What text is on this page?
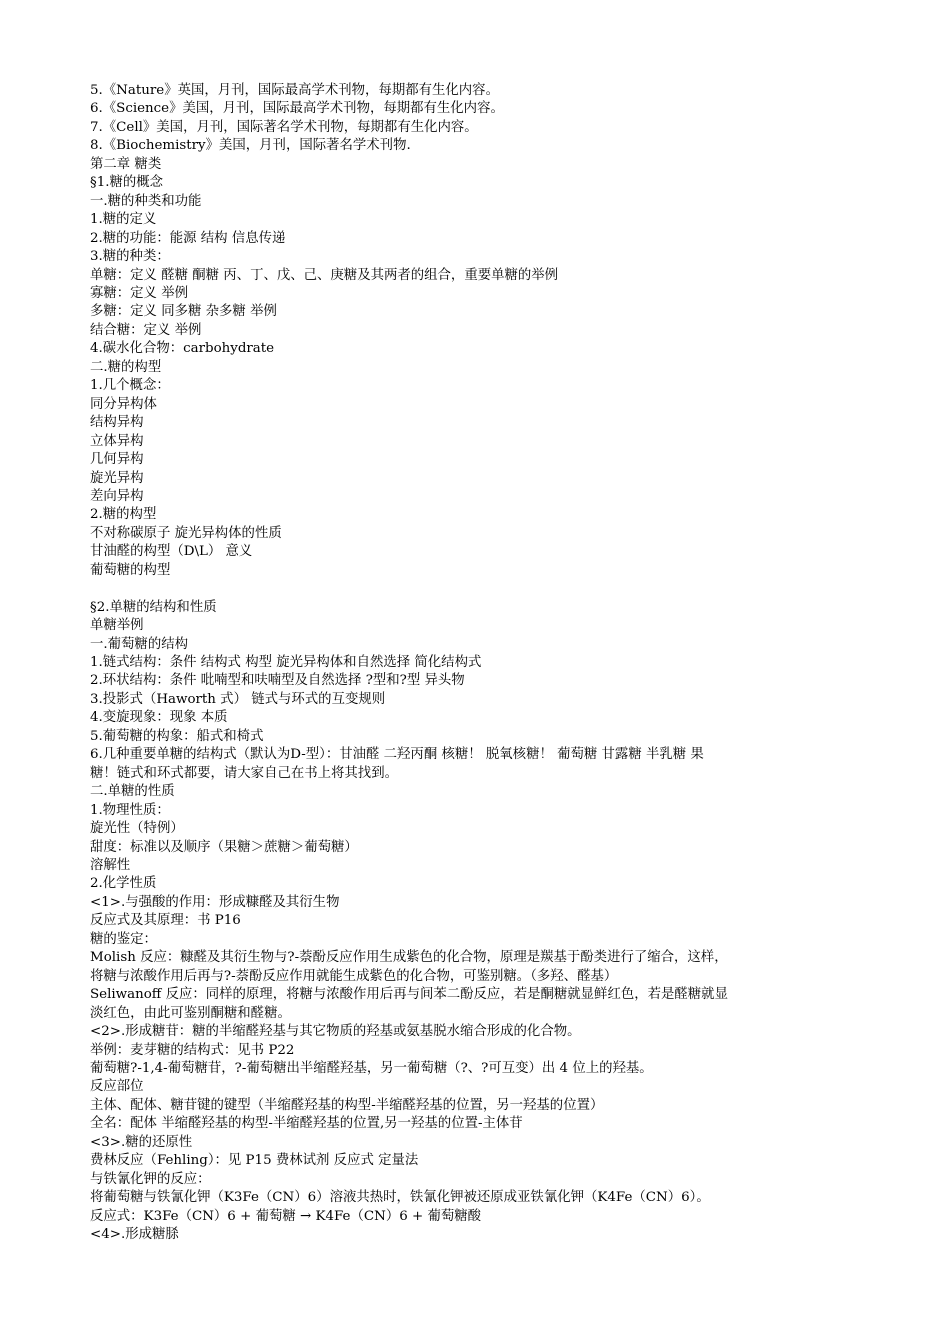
5.《Nature》英国，月刊，国际最高学术刊物，每期都有生化内容。
6.《Science》美国，月刊，国际最高学术刊物，每期都有生化内容。
7.《Cell》美国，月刊，国际著名学术刊物，每期都有生化内容。
8.《Biochemistry》美国，月刊，国际著名学术刊物.
第二章 糖类
§1.糖的概念
一.糖的种类和功能
1.糖的定义
2.糖的功能：能源 结构 信息传递
3.糖的种类：
单糖：定义 醛糖 酮糖 丙、丁、戊、己、庚糖及其两者的组合，重要单糖的举例
寡糖：定义 举例
多糖：定义 同多糖 杂多糖 举例
结合糖：定义 举例
4.碳水化合物：carbohydrate
二.糖的构型
1.几个概念：
同分异构体
结构异构
立体异构
几何异构
旋光异构
差向异构
2.糖的构型
不对称碳原子 旋光异构体的性质
甘油醛的构型（D\L） 意义
葡萄糖的构型
§2.单糖的结构和性质
单糖举例
一.葡萄糖的结构
1.链式结构：条件 结构式 构型 旋光异构体和自然选择 简化结构式
2.环状结构：条件 吡喃型和呋喃型及自然选择 ?型和?型 异头物
3.投影式（Haworth 式） 链式与环式的互变规则
4.变旋现象：现象 本质
5.葡萄糖的构象：船式和椅式
6.几种重要单糖的结构式（默认为D-型）：甘油醛 二羟丙酮 核糖！ 脱氧核糖！ 葡萄糖 甘露糖 半乳糖 果
糖！链式和环式都要，请大家自己在书上将其找到。
二.单糖的性质
1.物理性质：
旋光性（特例）
甜度：标准以及顺序（果糖＞蔗糖＞葡萄糖）
溶解性
2.化学性质
<1>.与强酸的作用：形成糠醛及其衍生物
反应式及其原理：书 P16
糖的鉴定：
Molish 反应：糠醛及其衍生物与?-萘酚反应作用生成紫色的化合物，原理是羰基于酚类进行了缩合，这样，
将糖与浓酸作用后再与?-萘酚反应作用就能生成紫色的化合物，可鉴别糖。（多羟、醛基）
Seliwanoff 反应：同样的原理，将糖与浓酸作用后再与间苯二酚反应，若是酮糖就显鲜红色，若是醛糖就显
淡红色，由此可鉴别酮糖和醛糖。
<2>.形成糖苷：糖的半缩醛羟基与其它物质的羟基或氨基脱水缩合形成的化合物。
举例：麦芽糖的结构式：见书 P22
葡萄糖?-1,4-葡萄糖苷，?-葡萄糖出半缩醛羟基，另一葡萄糖（?、?可互变）出 4 位上的羟基。
反应部位
主体、配体、糖苷键的键型（半缩醛羟基的构型-半缩醛羟基的位置，另一羟基的位置）
全名：配体 半缩醛羟基的构型-半缩醛羟基的位置,另一羟基的位置-主体苷
<3>.糖的还原性
费林反应（Fehling）：见 P15 费林试剂 反应式 定量法
与铁氰化钾的反应：
将葡萄糖与铁氰化钾（K3Fe（CN）6）溶液共热时，铁氰化钾被还原成亚铁氰化钾（K4Fe（CN）6）。
反应式：K3Fe（CN）6 + 葡萄糖 → K4Fe（CN）6 + 葡萄糖酸
<4>.形成糖脎
